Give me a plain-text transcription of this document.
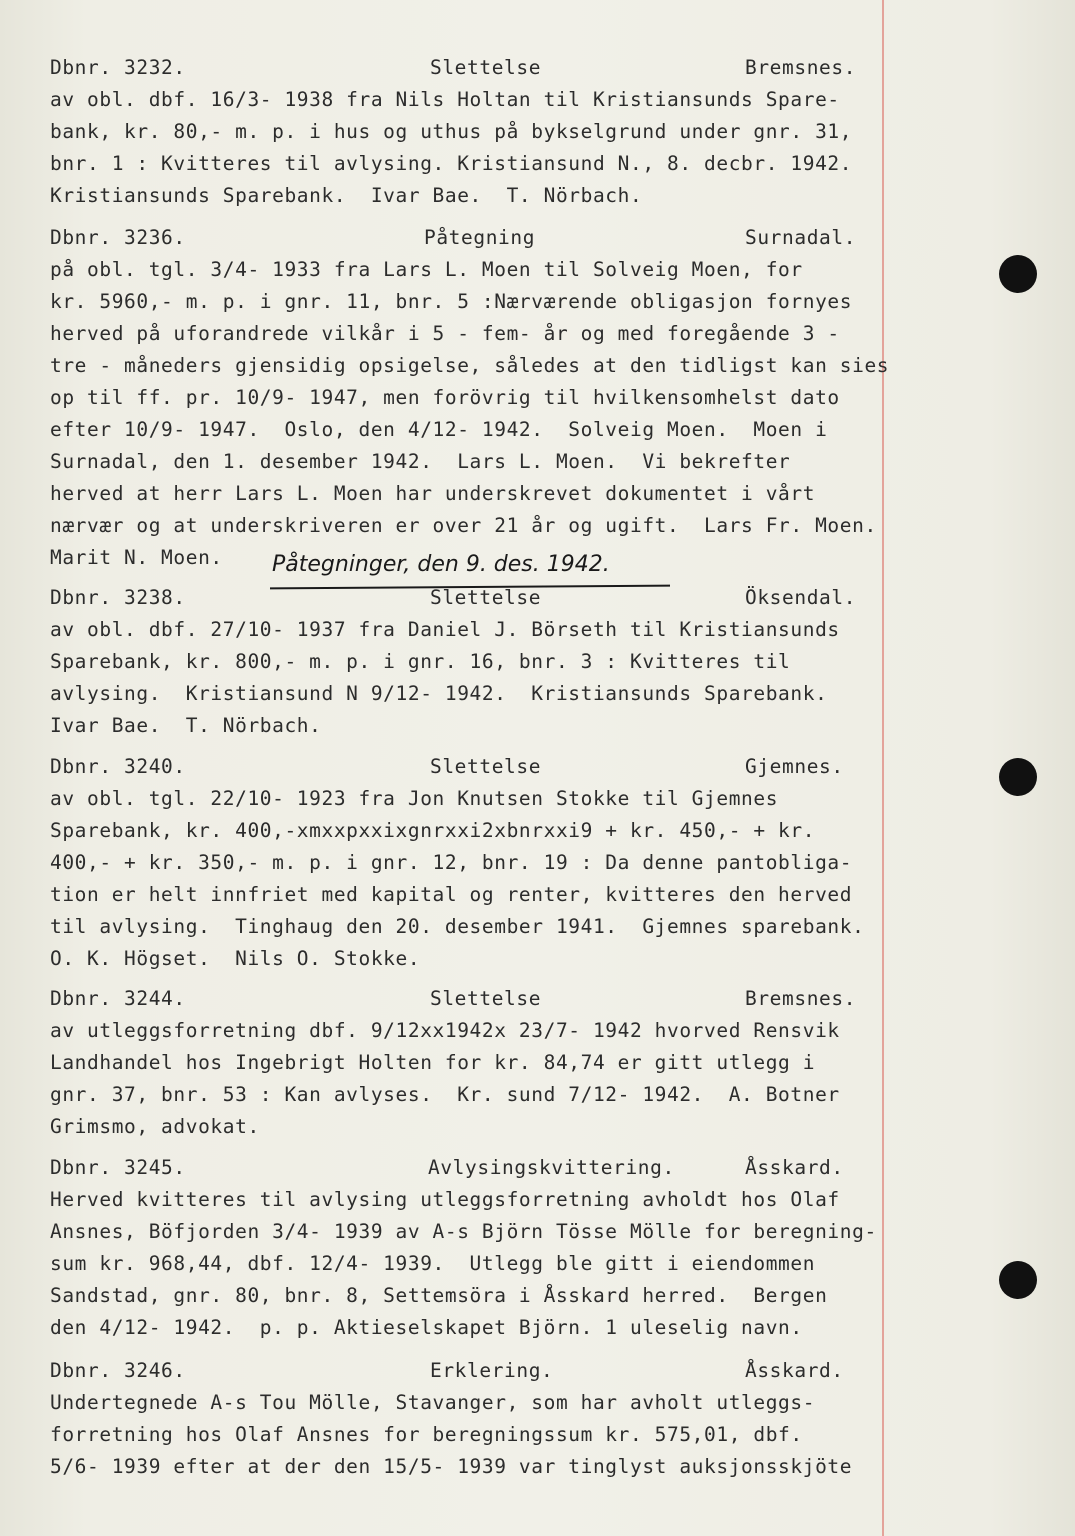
Dbnr. 3232.	Slettelse	Bremsnes.
av obl. dbf. 16/3- 1938 fra Nils Holtan til Kristiansunds Spare-
bank, kr. 80,- m. p. i hus og uthus på bykselgrund under gnr. 31,
bnr. 1 : Kvitteres til avlysing. Kristiansund N., 8. decbr. 1942.
Kristiansunds Sparebank.  Ivar Bae.  T. Nörbach.
Dbnr. 3236.	Påtegning	Surnadal.
på obl. tgl. 3/4- 1933 fra Lars L. Moen til Solveig Moen, for
kr. 5960,- m. p. i gnr. 11, bnr. 5 :Nærværende obligasjon fornyes
herved på uforandrede vilkår i 5 - fem- år og med foregående 3 -
tre - måneders gjensidig opsigelse, således at den tidligst kan sies
op til ff. pr. 10/9- 1947, men forövrig til hvilkensomhelst dato
efter 10/9- 1947.  Oslo, den 4/12- 1942.  Solveig Moen.  Moen i
Surnadal, den 1. desember 1942.  Lars L. Moen.  Vi bekrefter
herved at herr Lars L. Moen har underskrevet dokumentet i vårt
nærvær og at underskriveren er over 21 år og ugift.  Lars Fr. Moen.
Marit N. Moen.	Påtegninger, den 9. des. 1942.
Dbnr. 3238.	Slettelse	Öksendal.
av obl. dbf. 27/10- 1937 fra Daniel J. Börseth til Kristiansunds
Sparebank, kr. 800,- m. p. i gnr. 16, bnr. 3 : Kvitteres til
avlysing.  Kristiansund N 9/12- 1942.  Kristiansunds Sparebank.
Ivar Bae.  T. Nörbach.
Dbnr. 3240.	Slettelse	Gjemnes.
av obl. tgl. 22/10- 1923 fra Jon Knutsen Stokke til Gjemnes
Sparebank, kr. 400,-xmxxpxxixgnrxxi2xbnrxxi9 + kr. 450,- + kr.
400,- + kr. 350,- m. p. i gnr. 12, bnr. 19 : Da denne pantobliga-
tion er helt innfriet med kapital og renter, kvitteres den herved
til avlysing.  Tinghaug den 20. desember 1941.  Gjemnes sparebank.
O. K. Högset.  Nils O. Stokke.
Dbnr. 3244.	Slettelse	Bremsnes.
av utleggsforretning dbf. 9/12xx1942x 23/7- 1942 hvorved Rensvik
Landhandel hos Ingebrigt Holten for kr. 84,74 er gitt utlegg i
gnr. 37, bnr. 53 : Kan avlyses.  Kr. sund 7/12- 1942.  A. Botner
Grimsmo, advokat.
Dbnr. 3245.	Avlysingskvittering.	Åsskard.
Herved kvitteres til avlysing utleggsforretning avholdt hos Olaf
Ansnes, Böfjorden 3/4- 1939 av A-s Björn Tösse Mölle for beregning-
sum kr. 968,44, dbf. 12/4- 1939.  Utlegg ble gitt i eiendommen
Sandstad, gnr. 80, bnr. 8, Settemsöra i Åsskard herred.  Bergen
den 4/12- 1942.  p. p. Aktieselskapet Björn. 1 uleselig navn.
Dbnr. 3246.	Erklering.	Åsskard.
Undertegnede A-s Tou Mölle, Stavanger, som har avholt utleggs-
forretning hos Olaf Ansnes for beregningssum kr. 575,01, dbf.
5/6- 1939 efter at der den 15/5- 1939 var tinglyst auksjonsskjöte
